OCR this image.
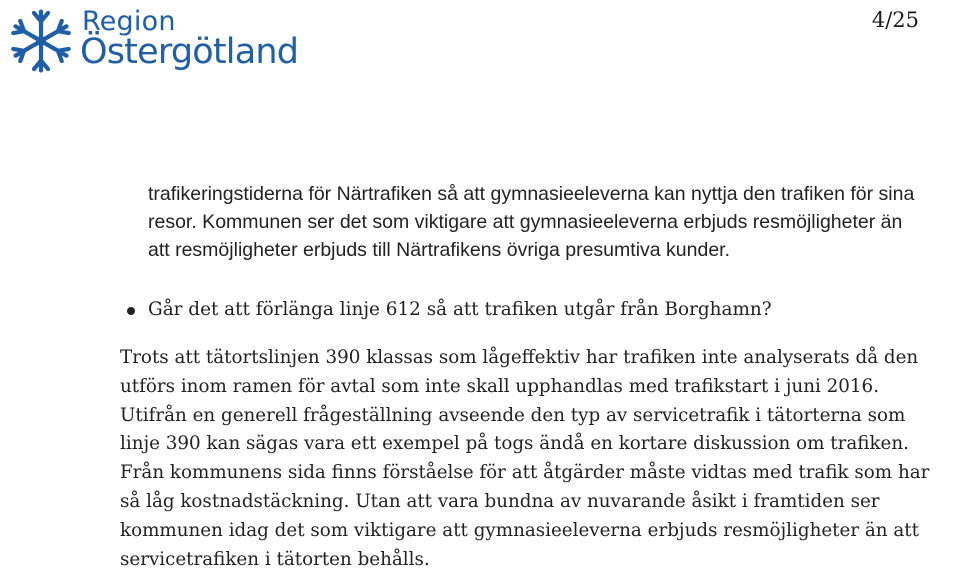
Region
Östergötland
4/25
trafikeringstiderna för Närtrafiken så att gymnasieeleverna kan nyttja den trafiken för sina resor. Kommunen ser det som viktigare att gymnasieeleverna erbjuds resmöjligheter än att resmöjligheter erbjuds till Närtrafikens övriga presumtiva kunder.
Går det att förlänga linje 612 så att trafiken utgår från Borghamn?
Trots att tätortslinjen 390 klassas som lågeffektiv har trafiken inte analyserats då den utförs inom ramen för avtal som inte skall upphandlas med trafikstart i juni 2016. Utifrån en generell frågeställning avseende den typ av servicetrafik i tätorterna som linje 390 kan sägas vara ett exempel på togs ändå en kortare diskussion om trafiken. Från kommunens sida finns förståelse för att åtgärder måste vidtas med trafik som har så låg kostnadstäckning. Utan att vara bundna av nuvarande åsikt i framtiden ser kommunen idag det som viktigare att gymnasieeleverna erbjuds resmöjligheter än att servicetrafiken i tätorten behålls.
